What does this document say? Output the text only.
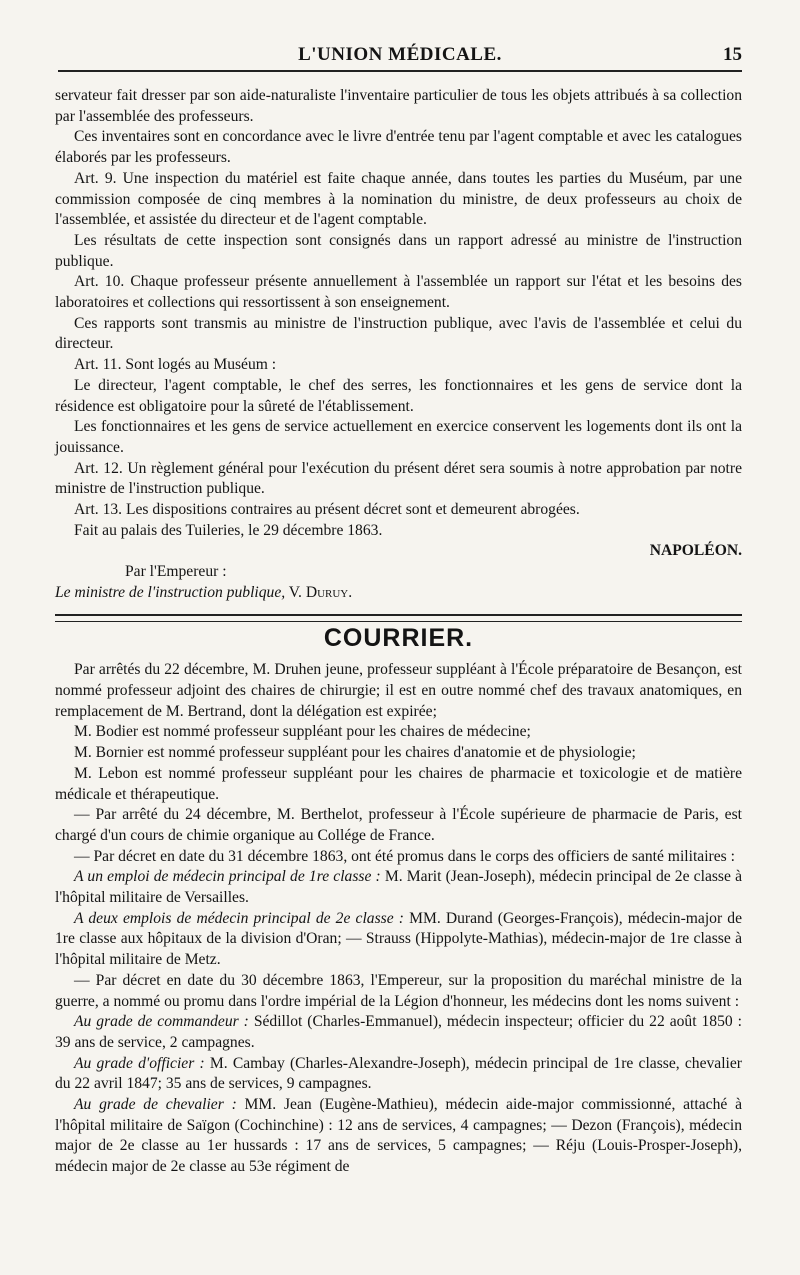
L'UNION MÉDICALE.	15

servateur fait dresser par son aide-naturaliste l'inventaire particulier de tous les objets attribués à sa collection par l'assemblée des professeurs.

Ces inventaires sont en concordance avec le livre d'entrée tenu par l'agent comptable et avec les catalogues élaborés par les professeurs.

Art. 9. Une inspection du matériel est faite chaque année, dans toutes les parties du Muséum, par une commission composée de cinq membres à la nomination du ministre, de deux professeurs au choix de l'assemblée, et assistée du directeur et de l'agent comptable.

Les résultats de cette inspection sont consignés dans un rapport adressé au ministre de l'instruction publique.

Art. 10. Chaque professeur présente annuellement à l'assemblée un rapport sur l'état et les besoins des laboratoires et collections qui ressortissent à son enseignement.

Ces rapports sont transmis au ministre de l'instruction publique, avec l'avis de l'assemblée et celui du directeur.

Art. 11. Sont logés au Muséum :

Le directeur, l'agent comptable, le chef des serres, les fonctionnaires et les gens de service dont la résidence est obligatoire pour la sûreté de l'établissement.

Les fonctionnaires et les gens de service actuellement en exercice conservent les logements dont ils ont la jouissance.

Art. 12. Un règlement général pour l'exécution du présent déret sera soumis à notre approbation par notre ministre de l'instruction publique.

Art. 13. Les dispositions contraires au présent décret sont et demeurent abrogées.

Fait au palais des Tuileries, le 29 décembre 1863.

NAPOLÉON.

Par l'Empereur :

Le ministre de l'instruction publique, V. Duruy.

COURRIER.

Par arrêtés du 22 décembre, M. Druhen jeune, professeur suppléant à l'École préparatoire de Besançon, est nommé professeur adjoint des chaires de chirurgie; il est en outre nommé chef des travaux anatomiques, en remplacement de M. Bertrand, dont la délégation est expirée;

M. Bodier est nommé professeur suppléant pour les chaires de médecine;

M. Bornier est nommé professeur suppléant pour les chaires d'anatomie et de physiologie;

M. Lebon est nommé professeur suppléant pour les chaires de pharmacie et toxicologie et de matière médicale et thérapeutique.

— Par arrêté du 24 décembre, M. Berthelot, professeur à l'École supérieure de pharmacie de Paris, est chargé d'un cours de chimie organique au Collége de France.

— Par décret en date du 31 décembre 1863, ont été promus dans le corps des officiers de santé militaires :

A un emploi de médecin principal de 1re classe : M. Marit (Jean-Joseph), médecin principal de 2e classe à l'hôpital militaire de Versailles.

A deux emplois de médecin principal de 2e classe : MM. Durand (Georges-François), médecin-major de 1re classe aux hôpitaux de la division d'Oran; — Strauss (Hippolyte-Mathias), médecin-major de 1re classe à l'hôpital militaire de Metz.

— Par décret en date du 30 décembre 1863, l'Empereur, sur la proposition du maréchal ministre de la guerre, a nommé ou promu dans l'ordre impérial de la Légion d'honneur, les médecins dont les noms suivent :

Au grade de commandeur : Sédillot (Charles-Emmanuel), médecin inspecteur; officier du 22 août 1850 : 39 ans de service, 2 campagnes.

Au grade d'officier : M. Cambay (Charles-Alexandre-Joseph), médecin principal de 1re classe, chevalier du 22 avril 1847; 35 ans de services, 9 campagnes.

Au grade de chevalier : MM. Jean (Eugène-Mathieu), médecin aide-major commissionné, attaché à l'hôpital militaire de Saïgon (Cochinchine) : 12 ans de services, 4 campagnes; — Dezon (François), médecin major de 2e classe au 1er hussards : 17 ans de services, 5 campagnes; — Réju (Louis-Prosper-Joseph), médecin major de 2e classe au 53e régiment de
